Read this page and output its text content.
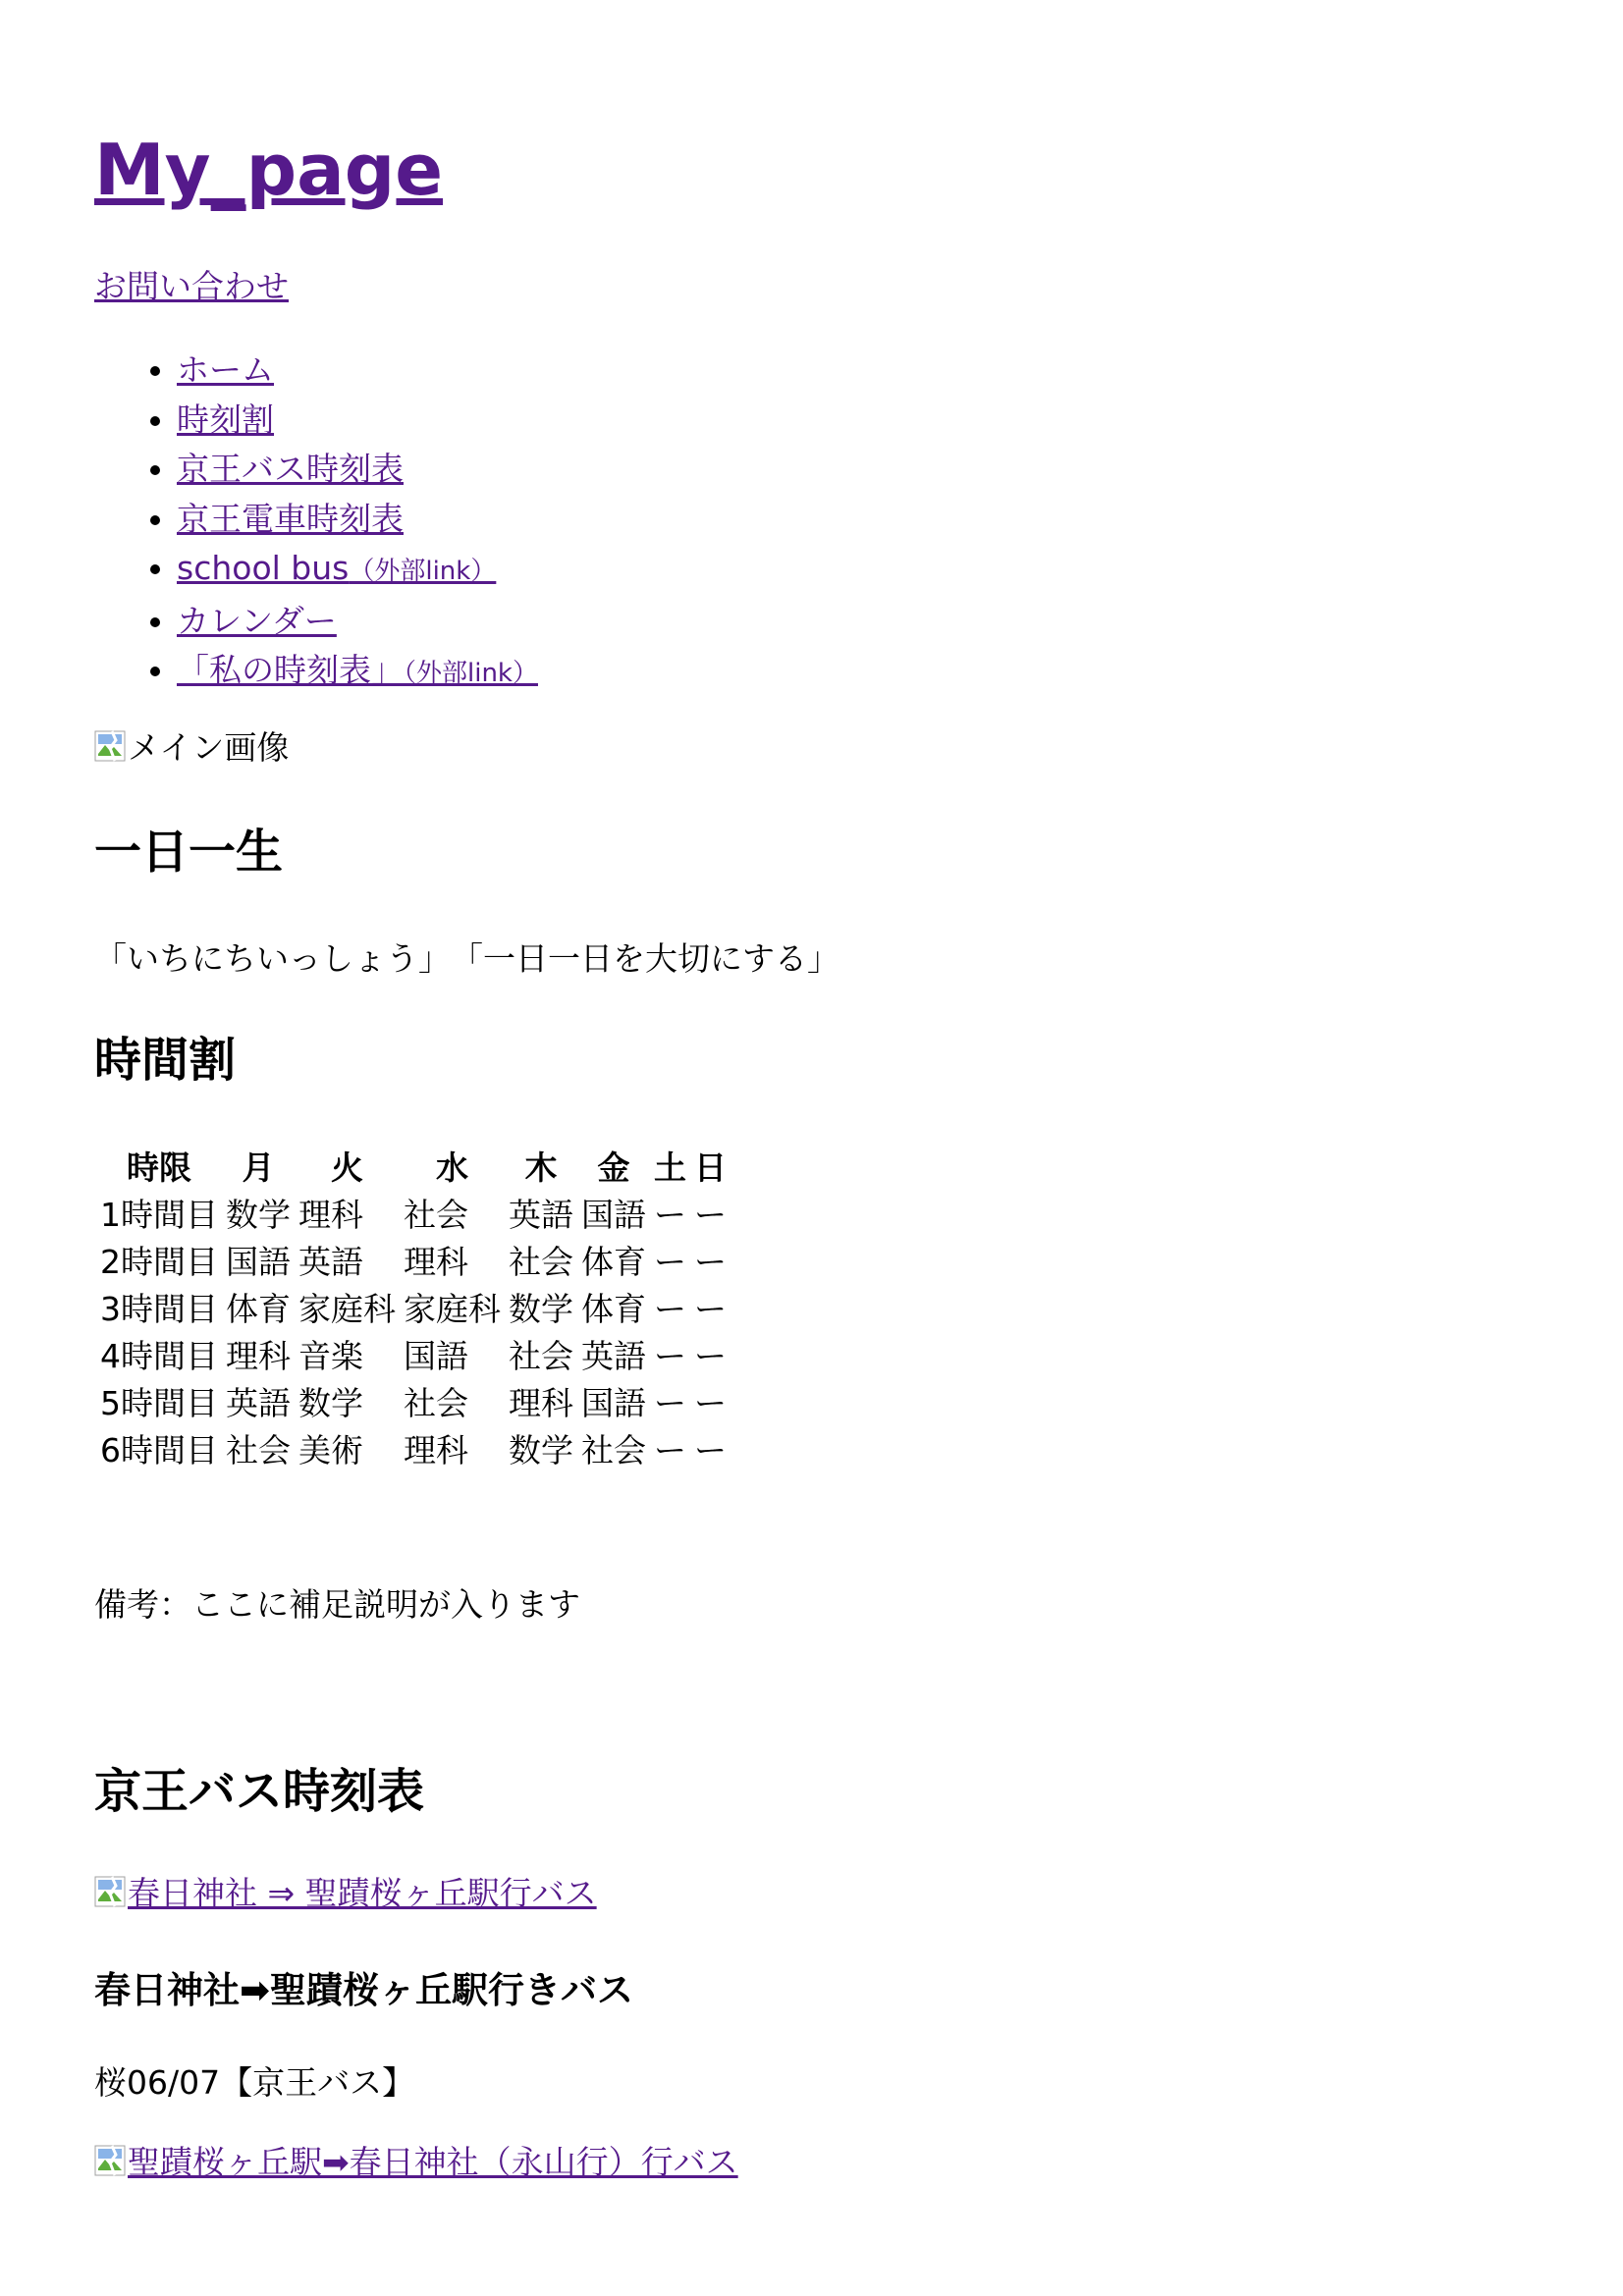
My_page
お問い合わせ
• ホーム
• 時刻割
• 京王バス時刻表
• 京王電車時刻表
• school bus（外部link）
• カレンダー
• 「私の時刻表」（外部link）
メイン画像
一日一生
「いちにちいっしょう」　「一日一日を大切にする」
時間割
時限	月	火	水	木	金	土	日
1時間目	数学	理科	社会	英語	国語	ー	ー
2時間目	国語	英語	理科	社会	体育	ー	ー
3時間目	体育	家庭科	家庭科	数学	体育	ー	ー
4時間目	理科	音楽	国語	社会	英語	ー	ー
5時間目	英語	数学	社会	理科	国語	ー	ー
6時間目	社会	美術	理科	数学	社会	ー	ー
備考：ここに補足説明が入ります
京王バス時刻表
春日神社 ⇒ 聖蹟桜ヶ丘駅行バス
春日神社➡聖蹟桜ヶ丘駅行きバス
桜06/07【京王バス】
聖蹟桜ヶ丘駅➡春日神社（永山行）行バス
